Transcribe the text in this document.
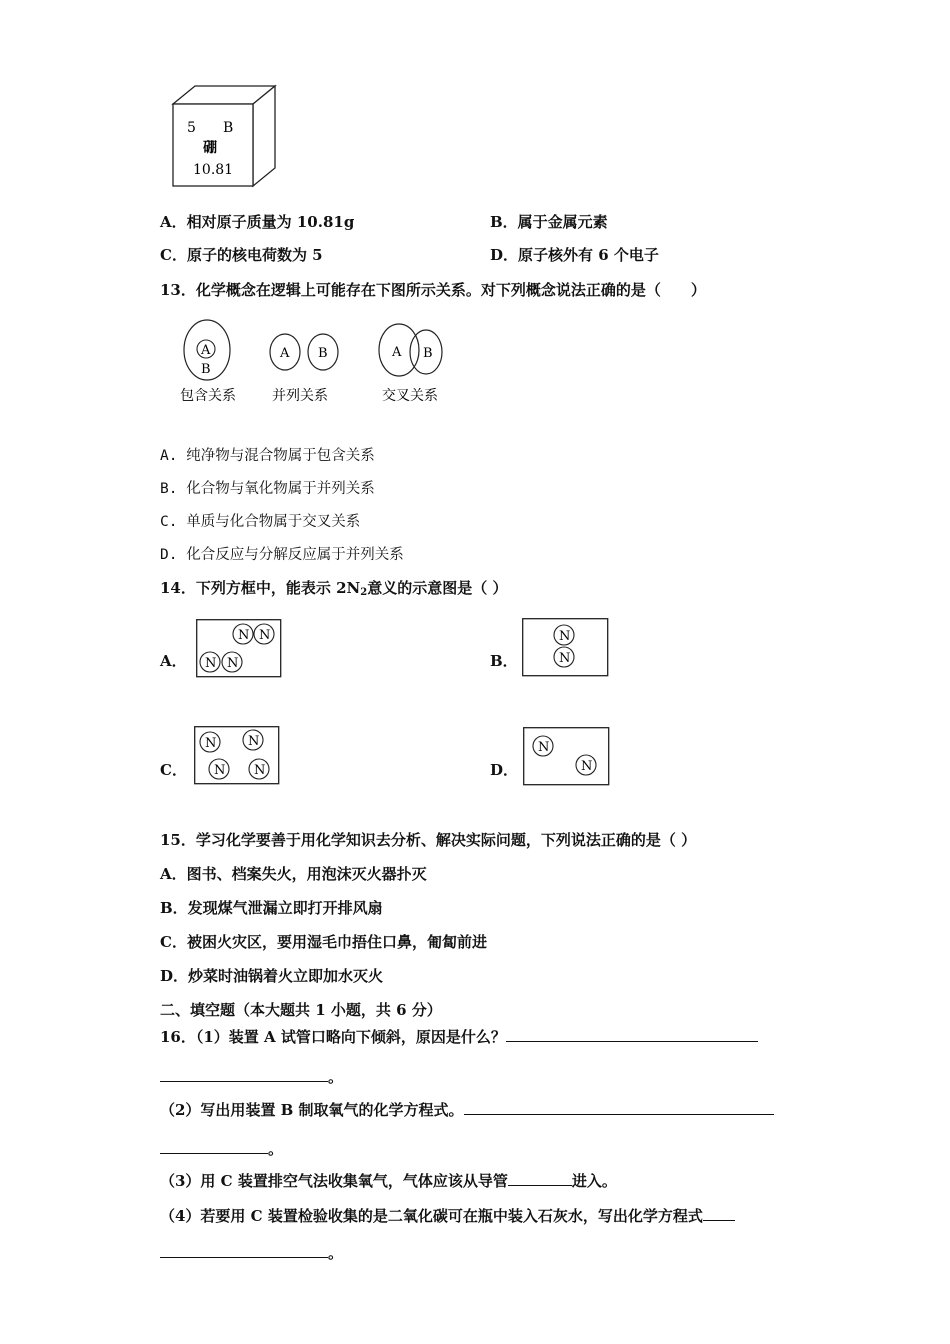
5 B
硼
10.81
A．相对原子质量为 10.81g	B．属于金属元素
C．原子的核电荷数为 5	D．原子核外有 6 个电子
13．化学概念在逻辑上可能存在下图所示关系。对下列概念说法正确的是（　　）
A
B
包含关系
A B
并列关系
A B
交叉关系
A. 纯净物与混合物属于包含关系
B. 化合物与氧化物属于并列关系
C. 单质与化合物属于交叉关系
D. 化合反应与分解反应属于并列关系
14．下列方框中，能表示 $2N_2$意义的示意图是（ ）
A．
N N
N N	B．
N
N
C．
N N
N N	D．
N
N
15．学习化学要善于用化学知识去分析、解决实际问题，下列说法正确的是（ ）
A．图书、档案失火，用泡沫灭火器扑灭
B．发现煤气泄漏立即打开排风扇
C．被困火灾区，要用湿毛巾捂住口鼻，匍匐前进
D．炒菜时油锅着火立即加水灭火
二、填空题（本大题共 1 小题，共 6 分）
16．（1）装置 A 试管口略向下倾斜，原因是什么？
。
（2）写出用装置 B 制取氧气的化学方程式。
。
（3）用 C 装置排空气法收集氧气，气体应该从导管	进入。
（4）若要用 C 装置检验收集的是二氧化碳可在瓶中装入石灰水，写出化学方程式
。
